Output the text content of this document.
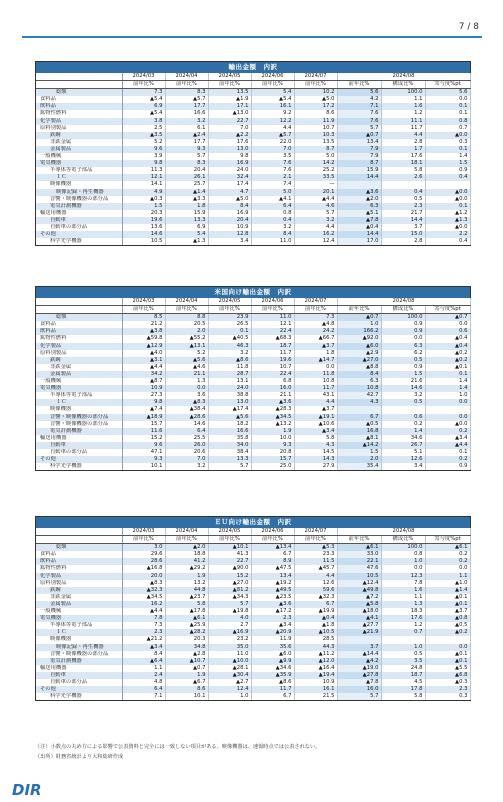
7 / 8
輸出金額　内訳
	2024/03	2024/04	2024/05	2024/06	2024/07	2024/08		
	前年比%	前年比%	前年比%	前年比%	前年比%	前年比%	構成比%	寄与度%pt
総額	7.3	8.3	13.5	5.4	10.2	5.6	100.0	5.6
食料品	▲5.4	▲5.7	▲1.9	▲5.4	▲5.0	4.2	1.1	0.0
飲料品	6.9	17.7	17.1	16.1	17.2	7.1	1.6	0.1
鉱物性燃料	▲5.4	16.6	▲13.0	9.2	8.6	7.6	1.2	0.1
化学製品	3.8	3.2	22.7	12.2	11.9	7.6	11.1	0.8
原料別製品	2.5	6.1	7.0	4.4	10.7	5.7	11.7	0.7
鉄鋼	▲3.5	▲2.4	▲2.2	▲5.7	10.3	▲0.7	4.4	▲0.0
非鉄金属	5.2	17.7	17.6	22.0	13.5	13.4	2.8	0.3
金属製品	9.6	9.3	13.0	7.0	8.7	7.9	1.7	0.1
一般機械	3.9	5.7	9.8	3.5	5.0	7.9	17.6	1.4
電気機器	9.8	8.3	16.9	7.6	14.2	8.7	18.1	1.5
半導体等電子部品	11.3	20.4	24.0	7.6	25.2	15.9	5.8	0.9
ＩＣ	12.1	26.1	32.4	2.1	33.5	14.4	2.6	0.4
映像機器	14.1	25.7	17.4	7.4	—			
映像記録・再生機器	4.9	▲1.4	4.7	5.0	20.1	▲3.6	0.4	▲0.0
音響・映像機器の部分品	▲0.3	▲3.3	▲5.0	▲4.1	▲4.4	▲2.0	0.5	▲0.0
電気計測機器	1.5	1.8	8.4	6.4	4.6	6.3	2.3	0.1
輸送用機器	20.3	15.9	16.9	0.8	5.7	▲5.1	21.7	▲1.2
自動車	19.6	13.3	20.4	0.4	3.2	▲7.8	14.4	▲1.3
自動車の部分品	13.6	6.9	10.9	3.2	4.4	▲0.4	3.7	▲0.0
その他	14.6	5.4	12.8	8.4	16.2	14.4	15.0	2.2
科学光学機器	10.5	▲1.3	3.4	11.0	12.4	17.0	2.8	0.4
米国向け輸出金額　内訳
	2024/03	2024/04	2024/05	2024/06	2024/07	2024/08		
	前年比%	前年比%	前年比%	前年比%	前年比%	前年比%	構成比%	寄与度%pt
総額	8.5	8.8	23.9	11.0	7.3	▲0.7	100.0	▲0.7
食料品	21.2	20.5	26.5	12.1	▲4.8	1.0	0.9	0.0
飲料品	▲3.8	2.0	0.1	22.4	24.2	166.2	0.9	0.6
鉱物性燃料	▲59.8	▲55.2	▲40.5	▲68.3	▲66.7	▲92.0	0.0	▲0.4
化学製品	▲12.9	▲13.1	46.3	18.7	▲3.7	▲6.0	6.3	▲0.4
原料別製品	▲4.0	5.2	3.2	11.7	1.8	▲2.9	6.2	▲0.2
鉄鋼	▲3.1	▲5.6	▲8.6	19.6	▲14.7	▲27.0	0.5	▲0.2
非鉄金属	▲4.4	▲4.6	11.8	10.7	0.0	▲8.8	0.9	▲0.1
金属製品	34.2	21.1	28.7	22.4	11.8	8.4	1.5	0.1
一般機械	▲8.7	1.3	13.1	6.8	10.8	6.3	21.6	1.4
電気機器	10.9	0.0	24.0	16.0	11.7	10.8	14.6	1.4
半導体等電子部品	27.3	3.6	38.8	21.1	43.1	42.7	3.2	1.0
ＩＣ	9.8	▲8.3	13.0	▲3.6	4.4	4.3	0.5	0.0
映像機器	▲7.4	▲38.4	▲17.4	▲28.3	▲3.7			
音響・映像機器の部分品	▲18.9	▲28.6	▲5.6	▲34.5	▲19.1	6.7	0.6	0.0
音響・映像機器の部分品	15.7	14.6	18.2	▲13.2	▲10.6	▲0.5	0.2	▲0.0
電気計測機器	11.6	6.4	16.6	1.9	▲3.4	16.8	1.4	0.2
輸送用機器	15.2	25.5	35.8	10.0	5.8	▲8.1	34.6	▲3.4
自動車	9.6	26.0	34.0	9.3	4.3	▲14.2	26.7	▲4.4
自動車の部分品	47.1	20.6	38.4	20.8	14.5	1.5	5.1	0.1
その他	9.3	7.0	13.3	15.7	14.3	2.0	12.6	0.2
科学光学機器	10.1	3.2	5.7	25.0	27.9	35.4	3.4	0.9
ＥＵ向け輸出金額　内訳
	2024/03	2024/04	2024/05	2024/06	2024/07	2024/08		
	前年比%	前年比%	前年比%	前年比%	前年比%	前年比%	構成比%	寄与度%pt
総額	3.0	▲2.0	▲10.1	▲13.4	▲5.3	▲6.1	100.0	▲6.1
食料品	29.6	18.8	41.3	6.7	23.3	33.0	0.8	0.2
飲料品	28.6	41.2	22.7	8.9	11.5	22.1	1.0	0.2
鉱物性燃料	▲16.8	▲29.2	▲90.0	▲47.5	▲45.7	47.6	0.0	0.0
化学製品	20.0	1.9	15.2	13.4	4.4	10.5	12.3	1.1
原料別製品	▲8.3	13.2	▲27.0	▲19.2	12.6	▲12.4	7.8	▲1.0
鉄鋼	▲32.3	44.8	▲81.2	▲49.5	59.6	▲49.8	1.6	▲1.4
非鉄金属	▲34.5	▲23.7	▲34.3	▲23.5	▲32.3	▲7.2	1.1	▲0.1
金属製品	16.2	5.8	5.7	▲3.6	6.7	▲5.8	1.3	▲0.1
一般機械	▲4.4	▲17.8	▲19.8	▲17.2	▲19.9	▲18.0	18.3	▲3.7
電気機器	7.8	▲6.1	4.0	2.3	▲0.4	▲4.1	17.6	▲0.8
半導体等電子部品	7.3	▲25.9	2.7	▲3.4	▲1.8	▲27.7	1.2	▲0.5
ＩＣ	2.3	▲28.2	▲16.9	▲20.9	▲10.5	▲21.9	0.7	▲0.2
映像機器	▲21.2	20.3	23.2	11.9	28.5			
映像記録・再生機器	▲3.4	34.8	35.0	35.6	44.3	3.7	1.0	0.0
音響・映像機器の部分品	8.4	▲2.8	11.0	▲6.0	▲11.2	▲14.4	0.5	▲0.1
電気計測機器	▲6.4	▲10.7	▲10.0	▲9.9	▲12.0	▲4.2	3.5	▲0.1
輸送用機器	1.1	▲0.7	▲28.1	▲34.6	▲16.4	▲19.0	24.8	▲5.5
自動車	2.4	1.9	▲30.4	▲35.9	▲19.4	▲27.8	18.7	▲6.8
自動車の部分品	4.8	▲6.7	▲2.7	▲8.6	10.9	▲7.8	4.5	▲0.3
その他	6.4	8.6	12.4	11.7	16.1	16.0	17.8	2.3
科学光学機器	7.1	10.1	1.0	6.7	21.5	5.7	5.8	0.3
（注）小数点の丸め方による影響で公表資料と完全には一致しない項目がある。映像機器は、速報時点では公表されない。
（出所）財務省統計より大和総研作成
DIR
